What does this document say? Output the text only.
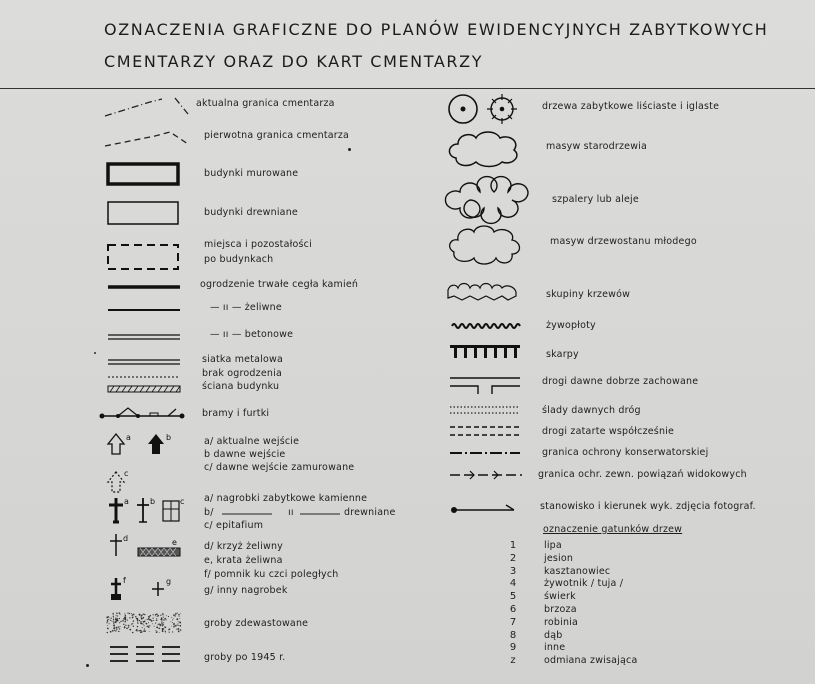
OZNACZENIA GRAFICZNE DO PLANÓW EWIDENCYJNYCH ZABYTKOWYCH
CMENTARZY ORAZ DO KART CMENTARZY
aktualna granica cmentarza
pierwotna granica cmentarza
budynki murowane
budynki drewniane
miejsca i pozostałości
po budynkach
ogrodzenie trwałe cegła kamień
— ıı — żeliwne
— ıı — betonowe
siatka metalowa
brak ogrodzenia
ściana budynku
bramy i furtki
a	b
c
a/ aktualne wejście
b dawne wejście
c/ dawne wejście zamurowane
a	b	c a/ nagrobki zabytkowe kamienne
b/	ıı	drewniane
c/ epitafium
d	e	d/ krzyż żeliwny
e, krata żeliwna
f	g
f/ pomnik ku czci poległych
g/ inny nagrobek
groby zdewastowane
groby po 1945 r.
drzewa zabytkowe liściaste i iglaste
masyw starodrzewia
szpalery lub aleje
masyw drzewostanu młodego
skupiny krzewów
żywopłoty
skarpy
drogi dawne dobrze zachowane
ślady dawnych dróg
drogi zatarte współcześnie
granica ochrony konserwatorskiej
granica ochr. zewn. powiązań widokowych
stanowisko i kierunek wyk. zdjęcia fotograf.
oznaczenie gatunków drzew
1	lipa
2	jesion
3	kasztanowiec
4	żywotnik / tuja /
5	świerk
6	brzoza
7	robinia
8	dąb
9	inne
z	odmiana zwisająca
